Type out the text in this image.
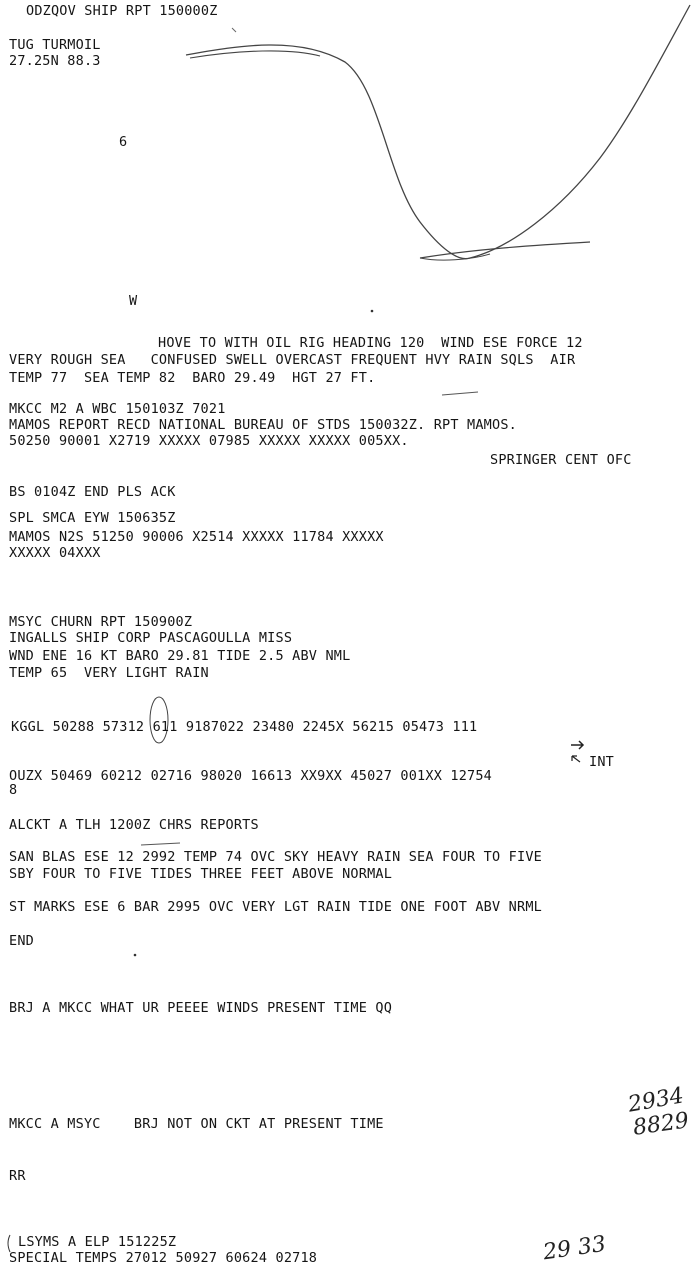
ODZQOV SHIP RPT 150000Z
TUG TURMOIL
27.25N 88.3
6
W
HOVE TO WITH OIL RIG HEADING 120  WIND ESE FORCE 12
VERY ROUGH SEA   CONFUSED SWELL OVERCAST FREQUENT HVY RAIN SQLS  AIR
TEMP 77  SEA TEMP 82  BARO 29.49  HGT 27 FT.
MKCC M2 A WBC 150103Z 7021
MAMOS REPORT RECD NATIONAL BUREAU OF STDS 150032Z. RPT MAMOS.
50250 90001 X2719 XXXXX 07985 XXXXX XXXXX 005XX.
SPRINGER CENT OFC
BS 0104Z END PLS ACK
SPL SMCA EYW 150635Z
MAMOS N2S 51250 90006 X2514 XXXXX 11784 XXXXX
XXXXX 04XXX
MSYC CHURN RPT 150900Z
INGALLS SHIP CORP PASCAGOULLA MISS
WND ENE 16 KT BARO 29.81 TIDE 2.5 ABV NML
TEMP 65  VERY LIGHT RAIN
KGGL 50288 57312 611 9187022 23480 2245X 56215 05473 111
INT
OUZX 50469 60212 02716 98020 16613 XX9XX 45027 001XX 12754
8
ALCKT A TLH 1200Z CHRS REPORTS
SAN BLAS ESE 12 2992 TEMP 74 OVC SKY HEAVY RAIN SEA FOUR TO FIVE
SBY FOUR TO FIVE TIDES THREE FEET ABOVE NORMAL
ST MARKS ESE 6 BAR 2995 OVC VERY LGT RAIN TIDE ONE FOOT ABV NRML
END
BRJ A MKCC WHAT UR PEEEE WINDS PRESENT TIME QQ
MKCC A MSYC    BRJ NOT ON CKT AT PRESENT TIME
RR
LSYMS A ELP 151225Z
SPECIAL TEMPS 27012 50927 60624 02718
2934
8829
29 33
